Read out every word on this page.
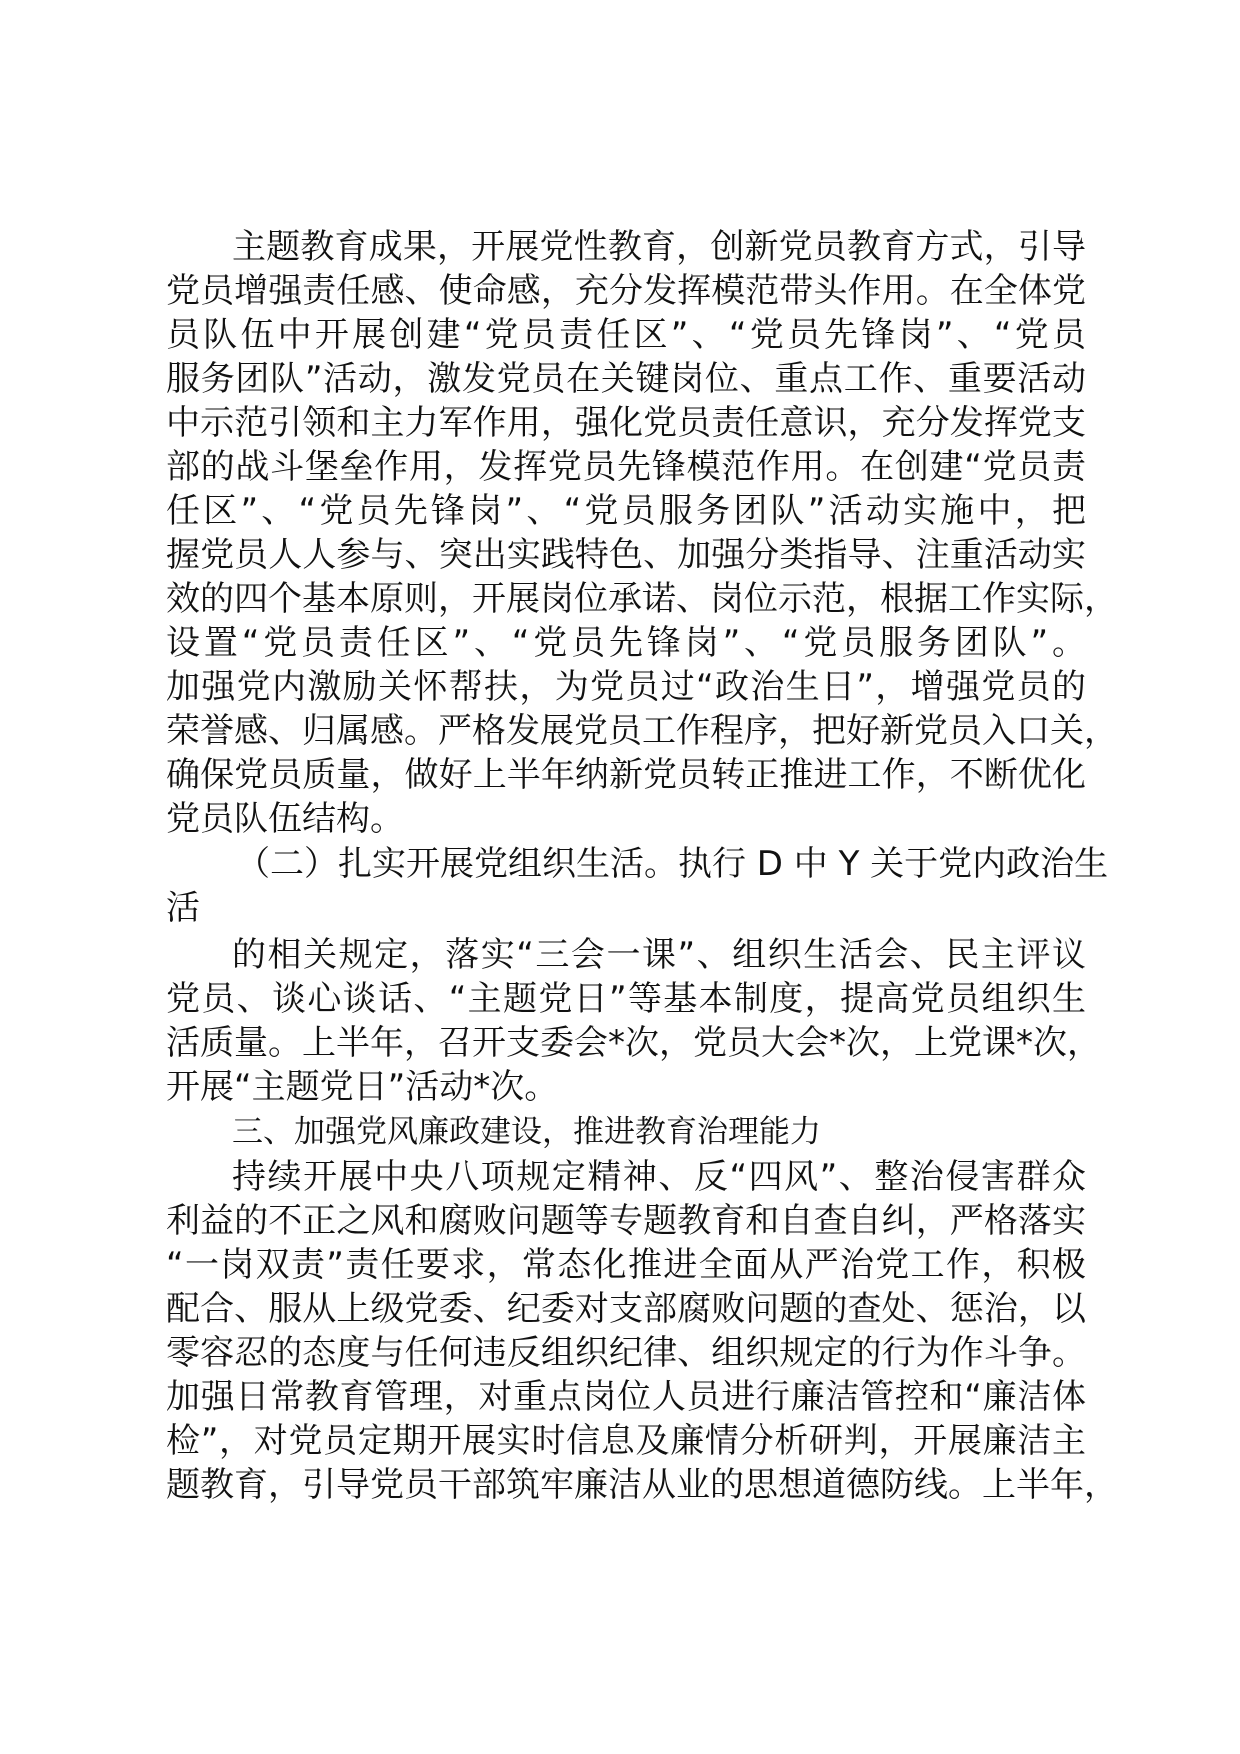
主题教育成果，开展党性教育，创新党员教育方式，引导
党员增强责任感、使命感，充分发挥模范带头作用。在全体党
员队伍中开展创建“党员责任区”、“党员先锋岗”、“党员
服务团队”活动，激发党员在关键岗位、重点工作、重要活动
中示范引领和主力军作用，强化党员责任意识，充分发挥党支
部的战斗堡垒作用，发挥党员先锋模范作用。在创建“党员责
任区”、“党员先锋岗”、“党员服务团队”活动实施中，把
握党员人人参与、突出实践特色、加强分类指导、注重活动实
效的四个基本原则，开展岗位承诺、岗位示范，根据工作实际，
设置“党员责任区”、“党员先锋岗”、“党员服务团队”。
加强党内激励关怀帮扶，为党员过“政治生日”，增强党员的
荣誉感、归属感。严格发展党员工作程序，把好新党员入口关，
确保党员质量，做好上半年纳新党员转正推进工作，不断优化
党员队伍结构。
（二）扎实开展党组织生活。执行 D 中 Y 关于党内政治生
活
的相关规定，落实“三会一课”、组织生活会、民主评议
党员、谈心谈话、“主题党日”等基本制度，提高党员组织生
活质量。上半年，召开支委会*次，党员大会*次，上党课*次，
开展“主题党日”活动*次。
三、加强党风廉政建设，推进教育治理能力
持续开展中央八项规定精神、反“四风”、整治侵害群众
利益的不正之风和腐败问题等专题教育和自查自纠，严格落实
“一岗双责”责任要求，常态化推进全面从严治党工作，积极
配合、服从上级党委、纪委对支部腐败问题的查处、惩治，以
零容忍的态度与任何违反组织纪律、组织规定的行为作斗争。
加强日常教育管理，对重点岗位人员进行廉洁管控和“廉洁体
检”，对党员定期开展实时信息及廉情分析研判，开展廉洁主
题教育，引导党员干部筑牢廉洁从业的思想道德防线。上半年，
